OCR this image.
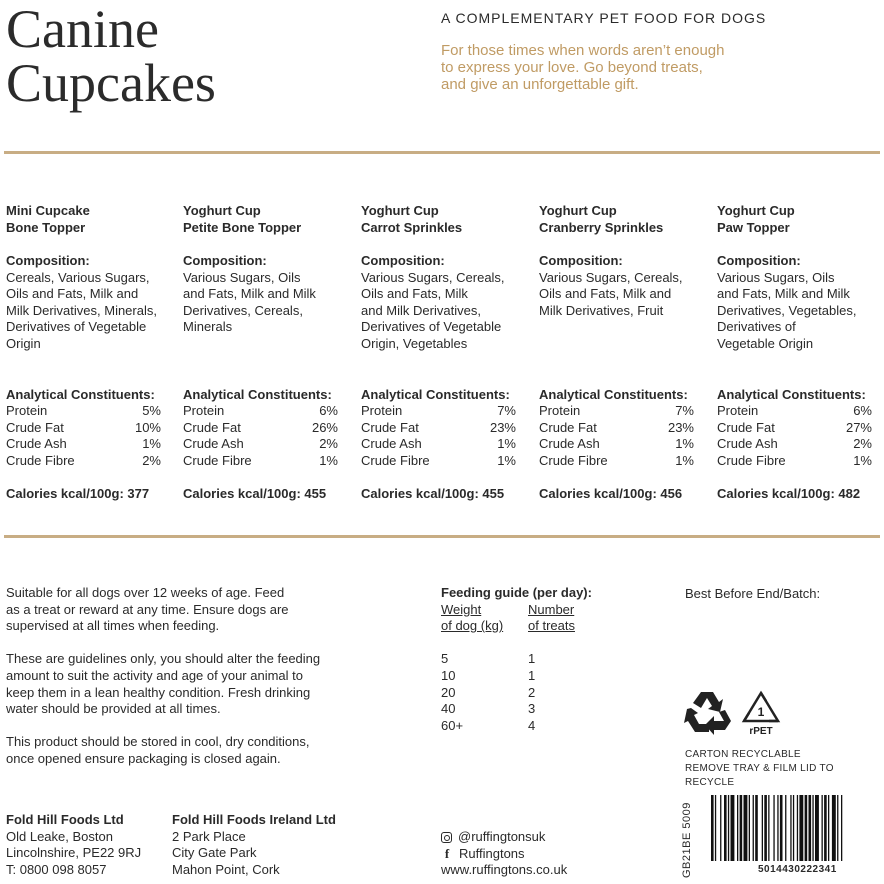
Canine
Cupcakes
A COMPLEMENTARY PET FOOD FOR DOGS
For those times when words aren’t enough
to express your love. Go beyond treats,
and give an unforgettable gift.
Mini Cupcake
Bone Topper
Composition:
Cereals, Various Sugars,
Oils and Fats, Milk and
Milk Derivatives, Minerals,
Derivatives of Vegetable
Origin
Analytical Constituents:
Protein	5%
Crude Fat	10%
Crude Ash	1%
Crude Fibre	2%
Calories kcal/100g: 377
Yoghurt Cup
Petite Bone Topper
Composition:
Various Sugars, Oils
and Fats, Milk and Milk
Derivatives, Cereals,
Minerals
Analytical Constituents:
Protein	6%
Crude Fat	26%
Crude Ash	2%
Crude Fibre	1%
Calories kcal/100g: 455
Yoghurt Cup
Carrot Sprinkles
Composition:
Various Sugars, Cereals,
Oils and Fats, Milk
and Milk Derivatives,
Derivatives of Vegetable
Origin, Vegetables
Analytical Constituents:
Protein	7%
Crude Fat	23%
Crude Ash	1%
Crude Fibre	1%
Calories kcal/100g: 455
Yoghurt Cup
Cranberry Sprinkles
Composition:
Various Sugars, Cereals,
Oils and Fats, Milk and
Milk Derivatives, Fruit
Analytical Constituents:
Protein	7%
Crude Fat	23%
Crude Ash	1%
Crude Fibre	1%
Calories kcal/100g: 456
Yoghurt Cup
Paw Topper
Composition:
Various Sugars, Oils
and Fats, Milk and Milk
Derivatives, Vegetables,
Derivatives of
Vegetable Origin
Analytical Constituents:
Protein	6%
Crude Fat	27%
Crude Ash	2%
Crude Fibre	1%
Calories kcal/100g: 482

Suitable for all dogs over 12 weeks of age. Feed
as a treat or reward at any time. Ensure dogs are
supervised at all times when feeding.

These are guidelines only, you should alter the feeding
amount to suit the activity and age of your animal to
keep them in a lean healthy condition. Fresh drinking
water should be provided at all times.

This product should be stored in cool, dry conditions,
once opened ensure packaging is closed again.

Feeding guide (per day):
Weight
of dog (kg)
Number
of treats
5	1
10	1
20	2
40	3
60+	4
Best Before End/Batch:
1
rPET
CARTON RECYCLABLE
REMOVE TRAY & FILM LID TO RECYCLE
Fold Hill Foods Ltd
Old Leake, Boston
Lincolnshire, PE22 9RJ
T: 0800 098 8057
Fold Hill Foods Ireland Ltd
2 Park Place
City Gate Park
Mahon Point, Cork
@ruffingtonsuk
f Ruffingtons
www.ruffingtons.co.uk	GB21BE 5009	5014430222341
